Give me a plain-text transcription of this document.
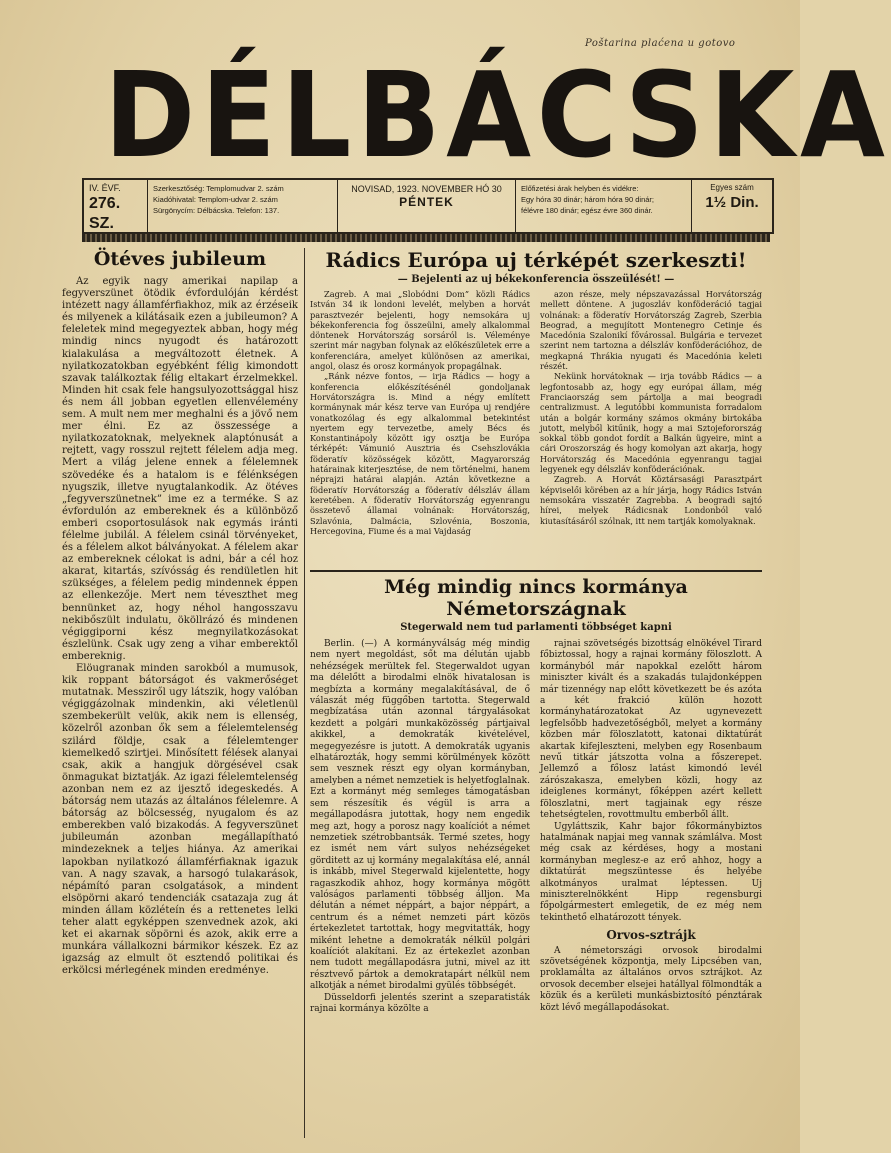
Poštarina plaćena u gotovo
DÉLBÁCSKA
IV. ÉVF.
276. SZ.
Szerkesztőség: Templomudvar 2. szám
Kiadóhivatal: Templom-udvar 2. szám
Sürgönycím: Délbácska. Telefon: 137.
NOVISAD, 1923. NOVEMBER HÓ 30
PÉNTEK
Előfizetési árak helyben és vidékre:
Egy hóra 30 dinár; három hóra 90 dinár;
félévre 180 dinár; egész évre 360 dinár.
Egyes szám
1½ Din.
Ötéves jubileum

Az egyik nagy amerikai napilap a fegyverszünet ötödik évfordulóján kérdést intézett nagy államférfiakhoz, mik az érzéseik és milyenek a kilátásaik ezen a jubileumon? A feleletek mind megegyeztek abban, hogy még mindig nincs nyugodt és határozott kialakulása a megváltozott életnek. A nyilatkozatokban egyébként félig kimondott szavak találkoztak félig eltakart érzelmekkel. Minden hit csak fele hangsulyozottsággal hisz és nem áll jobban egyetlen ellenvélemény sem. A mult nem mer meghalni és a jövő nem mer élni. Ez az összessége a nyilatkozatoknak, melyeknek alaptónusát a rejtett, vagy rosszul rejtett félelem adja meg. Mert a világ jelene ennek a félelemnek szövedéke és a hatalom is e félénkségen nyugszik, illetve nyugtalankodik. Az ötéves „fegyverszünetnek” ime ez a terméke. S az évfordulón az embereknek és a különböző emberi csoportosulások nak egymás iránti félelme jubilál. A félelem csinál törvényeket, és a félelem alkot bálványokat. A félelem akar az embereknek célokat is adni, bár a cél hoz akarat, kitartás, szívósság és rendületlen hit szükséges, a félelem pedig mindennek éppen az ellenkezője. Mert nem téveszthet meg bennünket az, hogy néhol hangosszavu nekibőszült indulatu, ököllrázó és mindenen végiggiporni kész megnyilatkozásokat észlelünk. Csak ugy zeng a vihar emberektől embereknig.

Elöugranak minden sarokból a mumusok, kik roppant bátorságot és vakmerőséget mutatnak. Messziről ugy látszik, hogy valóban végiggázolnak mindenkin, aki véletlenül szembekerült velük, akik nem is ellenség, közelről azonban ők sem a félelemtelenség szilárd földje, csak a félelemtenger kiemelkedő szirtjei. Minősített félések alanyai csak, akik a hangjuk dörgésével csak önmagukat biztatják. Az igazi félelemtelenség azonban nem ez az ijesztő idegeskedés. A bátorság nem utazás az általános félelemre. A bátorság az bölcsesség, nyugalom és az emberekben való bizakodás. A fegyverszünet jubileumán azonban megállapítható mindezeknek a teljes hiánya. Az amerikai lapokban nyilatkozó államférfiaknak igazuk van. A nagy szavak, a harsogó tulakarások, népámító paran csolgatások, a mindent elsöpörni akaró tendenciák csatazaja zug át minden állam közléteín és a rettenetes lelki teher alatt egyképpen szenvednek azok, aki ket ei akarnak söpörni és azok, akik erre a munkára vállalkozni bármikor készek. Ez az igazság az elmult öt esztendő politikai és erkölcsi mérlegének minden eredménye.

Rádics Európa uj térképét szerkeszti!
— Bejelenti az uj békekonferencia összeülését! —

Zagreb. A mai „Slobódni Dom” közli Rádics István 34 ik londoni levelét, melyben a horvát parasztvezér bejelenti, hogy nemsokára uj békekonferencia fog összeülni, amely alkalommal döntenek Horvátország sorsáról is. Véleménye szerint már nagyban folynak az előkészületek erre a konferenciára, amelyet különösen az amerikai, angol, olasz és orosz kormányok propagálnak.

„Ránk nézve fontos, — irja Rádics — hogy a konferencia előkészítésénél gondoljanak Horvátországra is. Mind a négy említett kormánynak már kész terve van Európa uj rendjére vonatkozólag és egy alkalommal betekintést nyertem egy tervezetbe, amely Bécs és Konstantinápoly között igy osztja be Európa térképét: Vámunió Ausztria és Csehszlovákia föderatív közösségek között, Magyarország határainak kiterjesztése, de nem történelmi, hanem néprajzi határai alapján. Aztán következne a föderatív Horvátország a föderatív délszláv állam keretében. A föderatív Horvátország egyenrangu összetevő államai volnának: Horvátország, Szlavónia, Dalmácia, Szlovénia, Boszonia, Hercegovina, Fiume és a mai Vajdaság

azon része, mely népszavazással Horvátország mellett döntene. A jugoszláv konföderáció tagjai volnának: a föderatív Horvátország Zagreb, Szerbia Beograd, a megujított Montenegro Cetinje és Macedónia Szalonikí fővárossal. Bulgária e tervezet szerint nem tartozna a délszláv konföderációhoz, de megkapná Thrákia nyugati és Macedónia keleti részét.

Nekünk horvátoknak — irja tovább Rádics — a legfontosabb az, hogy egy európai állam, még Franciaország sem pártolja a mai beogradi centralizmust. A legutóbbi kommunista forradalom után a bolgár kormány számos okmány birtokába jutott, melyből kitűnik, hogy a mai Sztojeforország sokkal több gondot fordít a Balkán ügyeire, mint a cári Oroszország és hogy komolyan azt akarja, hogy Horvátország és Macedónia egyenrangu tagjai legyenek egy délszláv konföderációnak.

Zagreb. A Horvát Köztársasági Parasztpárt képviselői körében az a hír járja, hogy Rádics István nemsokára visszatér Zagrebba. A beogradi sajtó hírei, melyek Rádicsnak Londonból való kiutasításáról szólnak, itt nem tartják komolyaknak.

Még mindig nincs kormánya Németországnak
Stegerwald nem tud parlamenti többséget kapni

Berlin. (—) A kormányválság még mindig nem nyert megoldást, sőt ma délután ujabb nehézségek merültek fel. Stegerwaldot ugyan ma délelőtt a birodalmi elnök hivatalosan is megbízta a kormány megalakításával, de ő válaszát még függőben tartotta. Stegerwald megbízatása után azonnal tárgyalásokat kezdett a polgári munkaközösség pártjaival akikkel, a demokraták kivételével, megegyezésre is jutott. A demokraták ugyanis elhatározták, hogy semmi körülmények között sem vesznek részt egy olyan kormányban, amelyben a német nemzetiek is helyetfoglalnak. Ezt a kormányt még semleges támogatásban sem részesítik és végül is arra a megállapodásra jutottak, hogy nem engedik meg azt, hogy a porosz nagy koalíciót a német nemzetiek szétrobbantsák. Termé szetes, hogy ez ismét nem várt sulyos nehézségeket görditett az uj kormány megalakítása elé, annál is inkább, mivel Stegerwald kijelentette, hogy ragaszkodik ahhoz, hogy kormánya mögött valóságos parlamenti többség álljon. Ma délután a német néppárt, a bajor néppárt, a centrum és a német nemzeti párt közös értekezletet tartottak, hogy megvitatták, hogy miként lehetne a demokraták nélkül polgári koalíciót alakítani. Ez az értekezlet azonban nem tudott megállapodásra jutni, mivel az itt résztvevő pártok a demokratapárt nélkül nem alkotják a német birodalmi gyülés többségét.

Düsseldorfi jelentés szerint a szeparatisták rajnai kormánya közölte a

rajnai szövetségés bizottság elnökével Tirard főbiztossal, hogy a rajnai kormány föloszlott. A kormányból már napokkal ezelőtt három miniszter kivált és a szakadás tulajdonképpen már tizennégy nap előtt következett be és azóta a két frakció külön hozott kormányhatározatokat Az ugynevezett legfelsőbb hadvezetőségből, melyet a kormány közben már föloszlatott, katonai diktatúrát akartak kifejleszteni, melyben egy Rosenbaum nevű titkár játszotta volna a főszerepet. Jellemző a főlosz latást kimondó levél zárószakasza, emelyben közli, hogy az ideiglenes kormányt, főképpen azért kellett föloszlatni, mert tagjainak egy része tehetségtelen, rovottmultu emberből állt.

Ugyláttszik, Kahr bajor főkormánybiztos hatalmának napjai meg vannak számlálva. Most még csak az kérdéses, hogy a mostani kormányban meglesz-e az erő ahhoz, hogy a diktatúrát megszüntesse és helyébe alkotmányos uralmat léptessen. Uj miniszterelnökként Hipp regensburgi főpolgármestert emlegetik, de ez még nem tekinthető elhatározott tények.

Orvos-sztrájk

A németországi orvosok birodalmi szövetségének központja, mely Lipcsében van, proklamálta az általános orvos sztrájkot. Az orvosok december elsejei hatállyal fölmondták a közük és a kerületi munkásbiztosító pénztárak közt lévő megállapodásokat.
